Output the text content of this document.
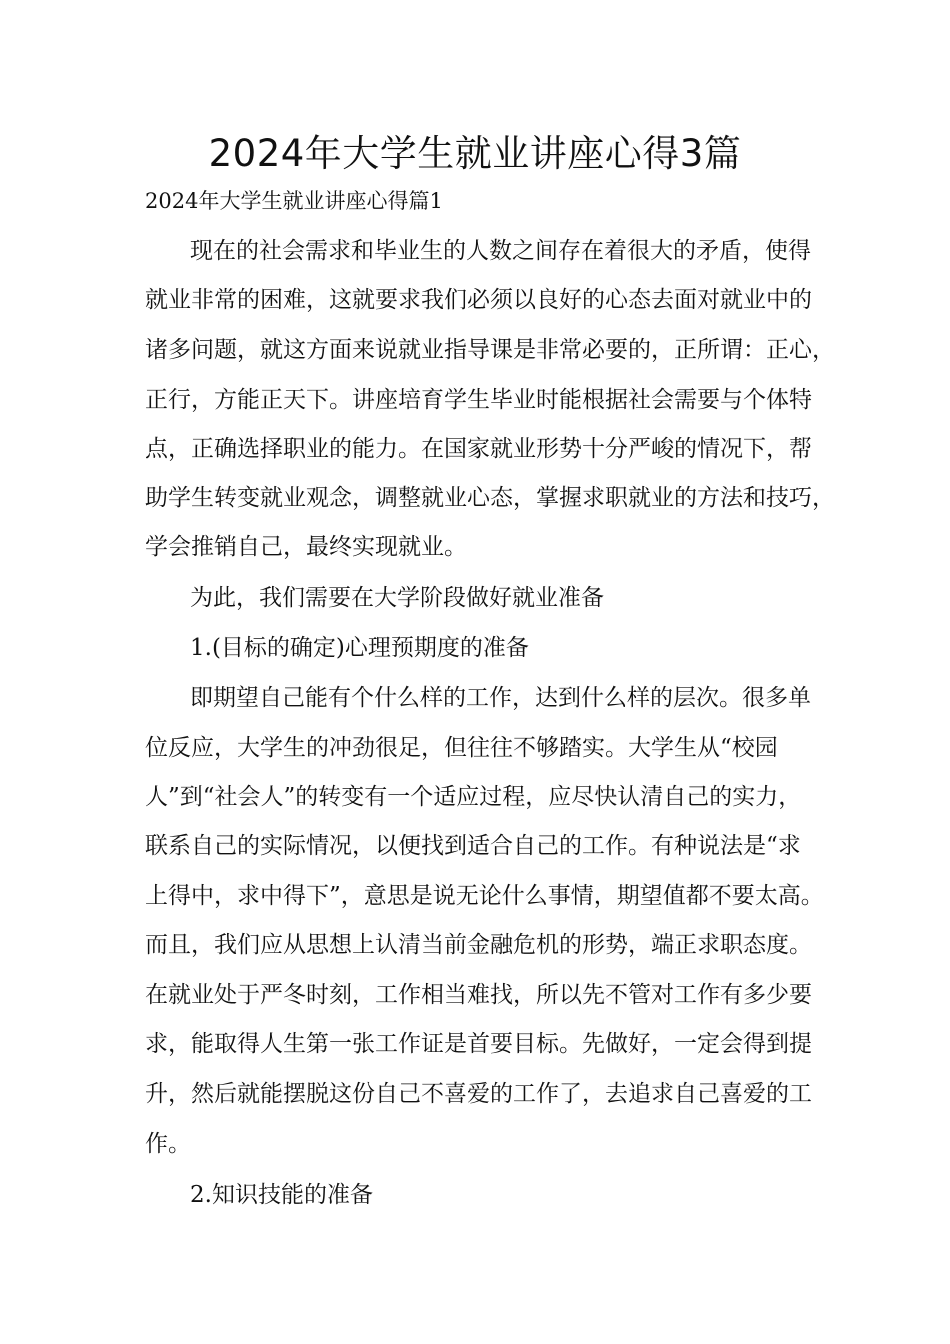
2024年大学生就业讲座心得3篇
2024年大学生就业讲座心得篇1
现在的社会需求和毕业生的人数之间存在着很大的矛盾，使得
就业非常的困难，这就要求我们必须以良好的心态去面对就业中的
诸多问题，就这方面来说就业指导课是非常必要的，正所谓：正心，
正行，方能正天下。讲座培育学生毕业时能根据社会需要与个体特
点，正确选择职业的能力。在国家就业形势十分严峻的情况下，帮
助学生转变就业观念，调整就业心态，掌握求职就业的方法和技巧，
学会推销自己，最终实现就业。
为此，我们需要在大学阶段做好就业准备
1.(目标的确定)心理预期度的准备
即期望自己能有个什么样的工作，达到什么样的层次。很多单
位反应，大学生的冲劲很足，但往往不够踏实。大学生从“校园
人”到“社会人”的转变有一个适应过程，应尽快认清自己的实力，
联系自己的实际情况，以便找到适合自己的工作。有种说法是“求
上得中，求中得下”，意思是说无论什么事情，期望值都不要太高。
而且，我们应从思想上认清当前金融危机的形势，端正求职态度。
在就业处于严冬时刻，工作相当难找，所以先不管对工作有多少要
求，能取得人生第一张工作证是首要目标。先做好，一定会得到提
升，然后就能摆脱这份自己不喜爱的工作了，去追求自己喜爱的工
作。
2.知识技能的准备
